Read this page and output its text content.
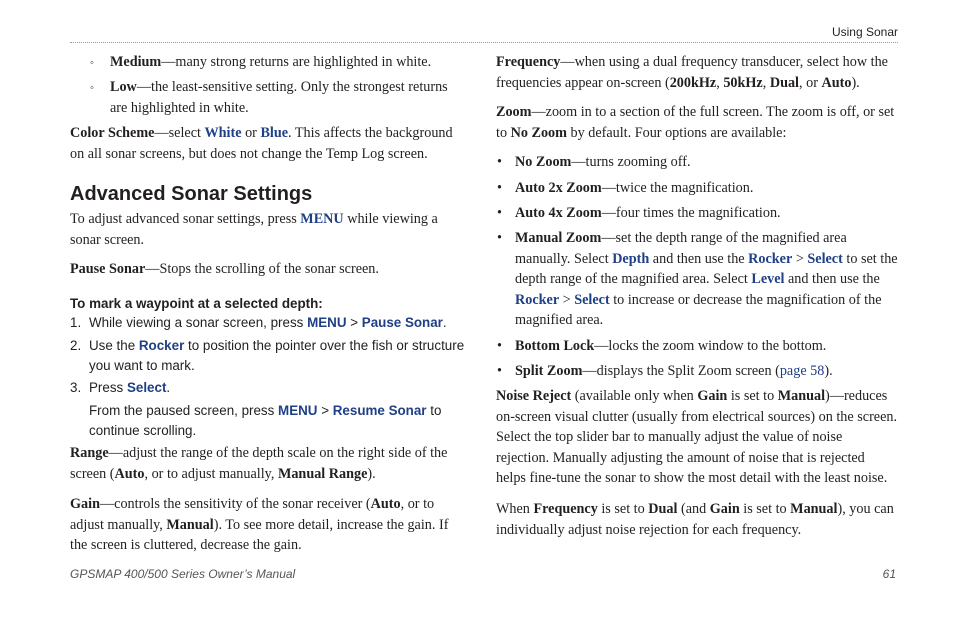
Using Sonar
◦ Medium—many strong returns are highlighted in white.
◦ Low—the least-sensitive setting. Only the strongest returns are highlighted in white.

Color Scheme—select White or Blue. This affects the background on all sonar screens, but does not change the Temp Log screen.

Advanced Sonar Settings

To adjust advanced sonar settings, press MENU while viewing a sonar screen.

Pause Sonar—Stops the scrolling of the sonar screen.

To mark a waypoint at a selected depth:
1. While viewing a sonar screen, press MENU > Pause Sonar.
2. Use the Rocker to position the pointer over the fish or structure you want to mark.
3. Press Select.
From the paused screen, press MENU > Resume Sonar to continue scrolling.

Range—adjust the range of the depth scale on the right side of the screen (Auto, or to adjust manually, Manual Range).

Gain—controls the sensitivity of the sonar receiver (Auto, or to adjust manually, Manual). To see more detail, increase the gain. If the screen is cluttered, decrease the gain.

Frequency—when using a dual frequency transducer, select how the frequencies appear on-screen (200kHz, 50kHz, Dual, or Auto).

Zoom—zoom in to a section of the full screen. The zoom is off, or set to No Zoom by default. Four options are available:

• No Zoom—turns zooming off.
• Auto 2x Zoom—twice the magnification.
• Auto 4x Zoom—four times the magnification.
• Manual Zoom—set the depth range of the magnified area manually. Select Depth and then use the Rocker > Select to set the depth range of the magnified area. Select Level and then use the Rocker > Select to increase or decrease the magnification of the magnified area.
• Bottom Lock—locks the zoom window to the bottom.
• Split Zoom—displays the Split Zoom screen (page 58).

Noise Reject (available only when Gain is set to Manual)—reduces on-screen visual clutter (usually from electrical sources) on the screen. Select the top slider bar to manually adjust the value of noise rejection. Manually adjusting the amount of noise that is rejected helps fine-tune the sonar to show the most detail with the least noise.

When Frequency is set to Dual (and Gain is set to Manual), you can individually adjust noise rejection for each frequency.

GPSMAP 400/500 Series Owner’s Manual	61
